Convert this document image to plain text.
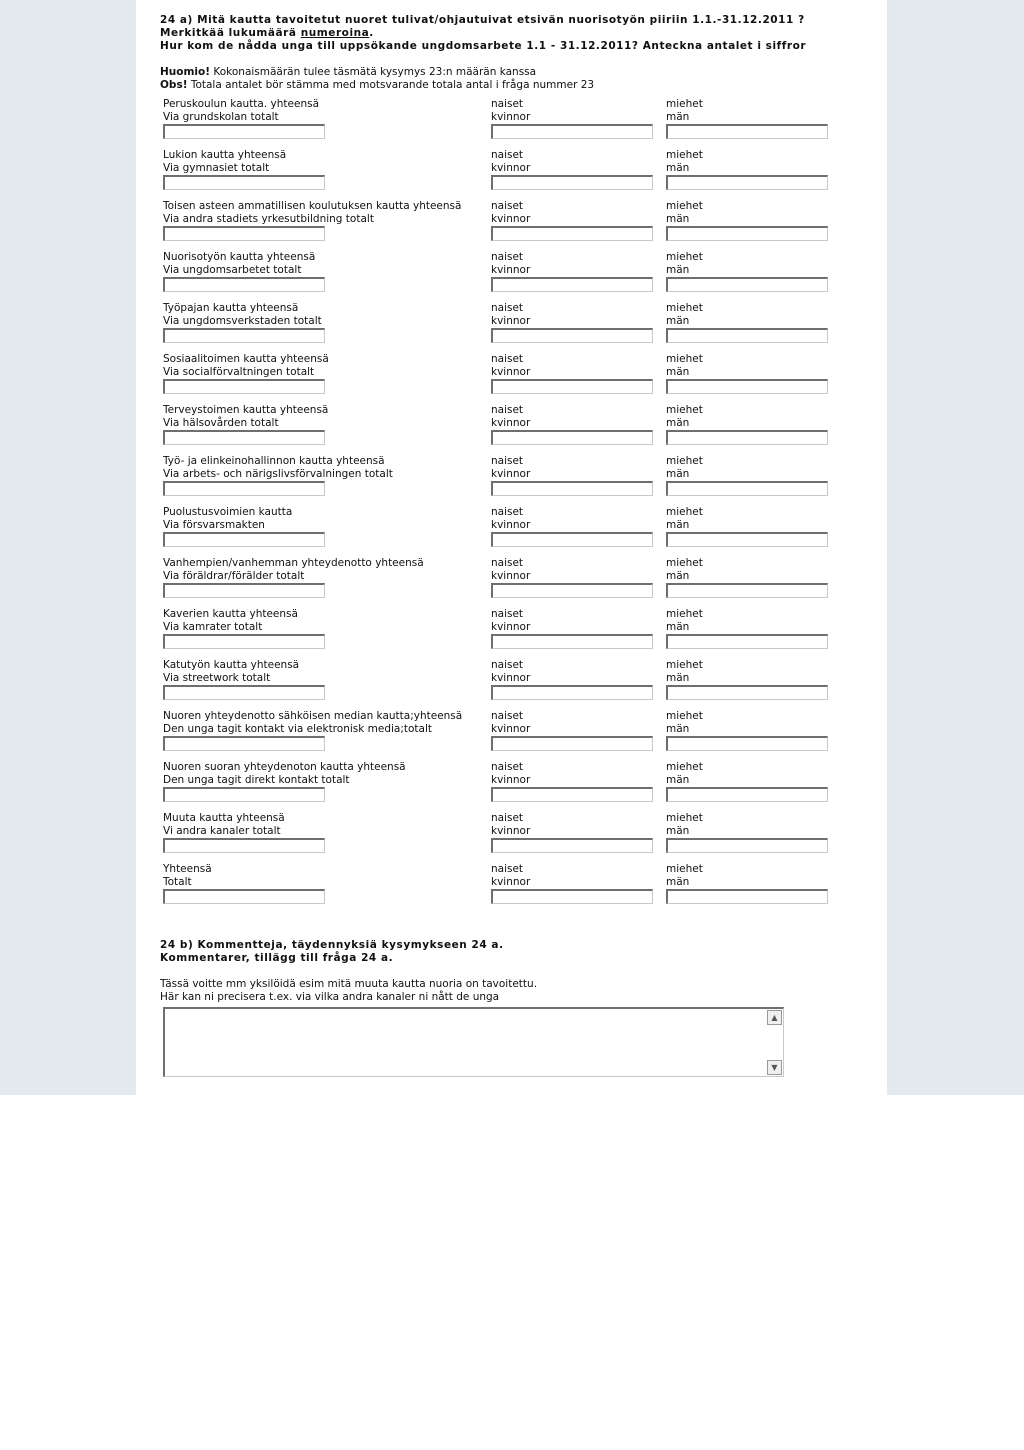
24 a) Mitä kautta tavoitetut nuoret tulivat/ohjautuivat etsivän nuorisotyön piiriin 1.1.-31.12.2011 ?
Merkitkää lukumäärä numeroina.
Hur kom de nådda unga till uppsökande ungdomsarbete 1.1 - 31.12.2011? Anteckna antalet i siffror
Huomio! Kokonaismäärän tulee täsmätä kysymys 23:n määrän kanssa
Obs! Totala antalet bör stämma med motsvarande totala antal i fråga nummer 23
Peruskoulun kautta. yhteensä
Via grundskolan totalt
naiset
kvinnor
miehet
män
Lukion kautta yhteensä
Via gymnasiet totalt
naiset
kvinnor
miehet
män
Toisen asteen ammatillisen koulutuksen kautta yhteensä
Via andra stadiets yrkesutbildning totalt
naiset
kvinnor
miehet
män
Nuorisotyön kautta yhteensä
Via ungdomsarbetet totalt
naiset
kvinnor
miehet
män
Työpajan kautta yhteensä
Via ungdomsverkstaden totalt
naiset
kvinnor
miehet
män
Sosiaalitoimen kautta yhteensä
Via socialförvaltningen totalt
naiset
kvinnor
miehet
män
Terveystoimen kautta yhteensä
Via hälsovården totalt
naiset
kvinnor
miehet
män
Työ- ja elinkeinohallinnon kautta yhteensä
Via arbets- och närigslivsförvalningen totalt
naiset
kvinnor
miehet
män
Puolustusvoimien kautta
Via försvarsmakten
naiset
kvinnor
miehet
män
Vanhempien/vanhemman yhteydenotto yhteensä
Via föräldrar/förälder totalt
naiset
kvinnor
miehet
män
Kaverien kautta yhteensä
Via kamrater totalt
naiset
kvinnor
miehet
män
Katutyön kautta yhteensä
Via streetwork totalt
naiset
kvinnor
miehet
män
Nuoren yhteydenotto sähköisen median kautta;yhteensä
Den unga tagit kontakt via elektronisk media;totalt
naiset
kvinnor
miehet
män
Nuoren suoran yhteydenoton kautta yhteensä
Den unga tagit direkt kontakt totalt
naiset
kvinnor
miehet
män
Muuta kautta yhteensä
Vi andra kanaler totalt
naiset
kvinnor
miehet
män
Yhteensä
Totalt
naiset
kvinnor
miehet
män
24 b) Kommentteja, täydennyksiä kysymykseen 24 a.
Kommentarer, tillägg till fråga 24 a.
Tässä voitte mm yksilöidä esim mitä muuta kautta nuoria on tavoitettu.
Här kan ni precisera t.ex. via vilka andra kanaler ni nått de unga
▲
▼
